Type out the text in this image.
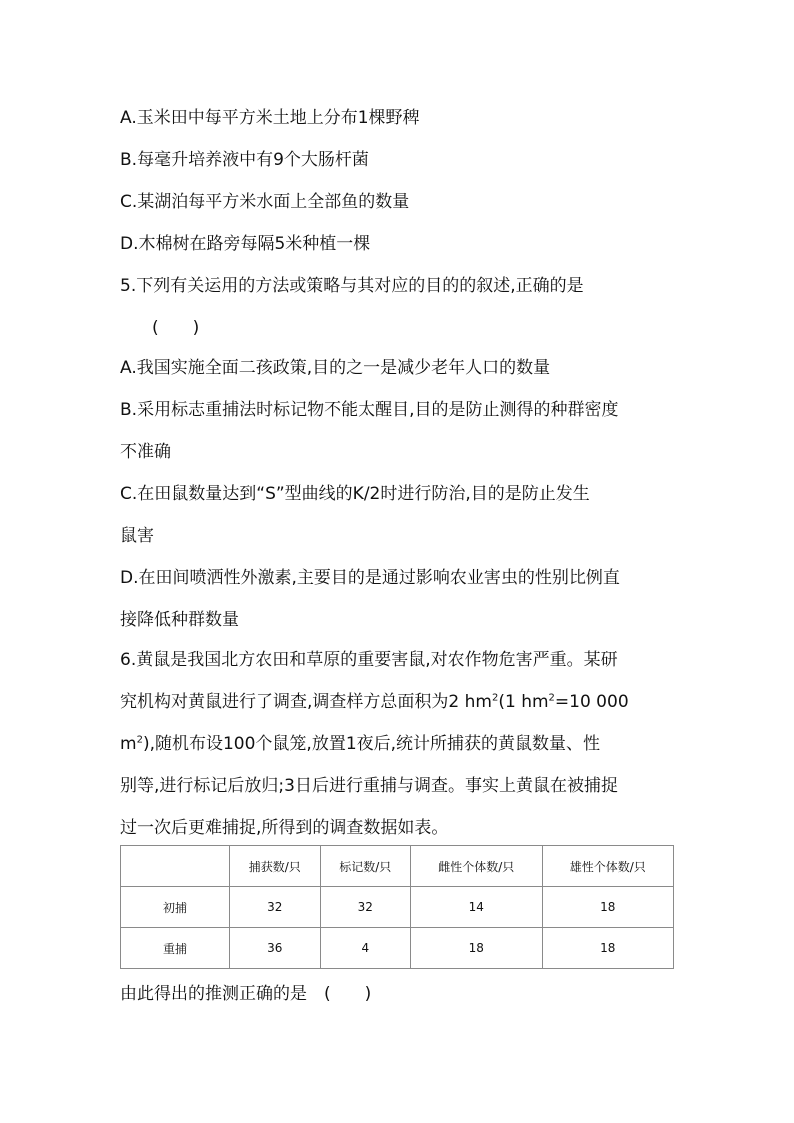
A.玉米田中每平方米土地上分布1棵野稗
B.每毫升培养液中有9个大肠杆菌
C.某湖泊每平方米水面上全部鱼的数量
D.木棉树在路旁每隔5米种植一棵
5.下列有关运用的方法或策略与其对应的目的的叙述,正确的是
(　　)
A.我国实施全面二孩政策,目的之一是减少老年人口的数量
B.采用标志重捕法时标记物不能太醒目,目的是防止测得的种群密度
不准确
C.在田鼠数量达到“S”型曲线的K/2时进行防治,目的是防止发生
鼠害
D.在田间喷洒性外激素,主要目的是通过影响农业害虫的性别比例直
接降低种群数量
6.黄鼠是我国北方农田和草原的重要害鼠,对农作物危害严重。某研
究机构对黄鼠进行了调查,调查样方总面积为2 $hm^2(1$ $hm^2=10$ 000
$m^2$),随机布设100个鼠笼,放置1夜后,统计所捕获的黄鼠数量、性
别等,进行标记后放归;3日后进行重捕与调查。事实上黄鼠在被捕捉
过一次后更难捕捉,所得到的调查数据如表。
	捕获数/只	标记数/只	雌性个体数/只	雄性个体数/只
初捕	32	32	14	18
重捕	36	4	18	18
由此得出的推测正确的是　(　　)
